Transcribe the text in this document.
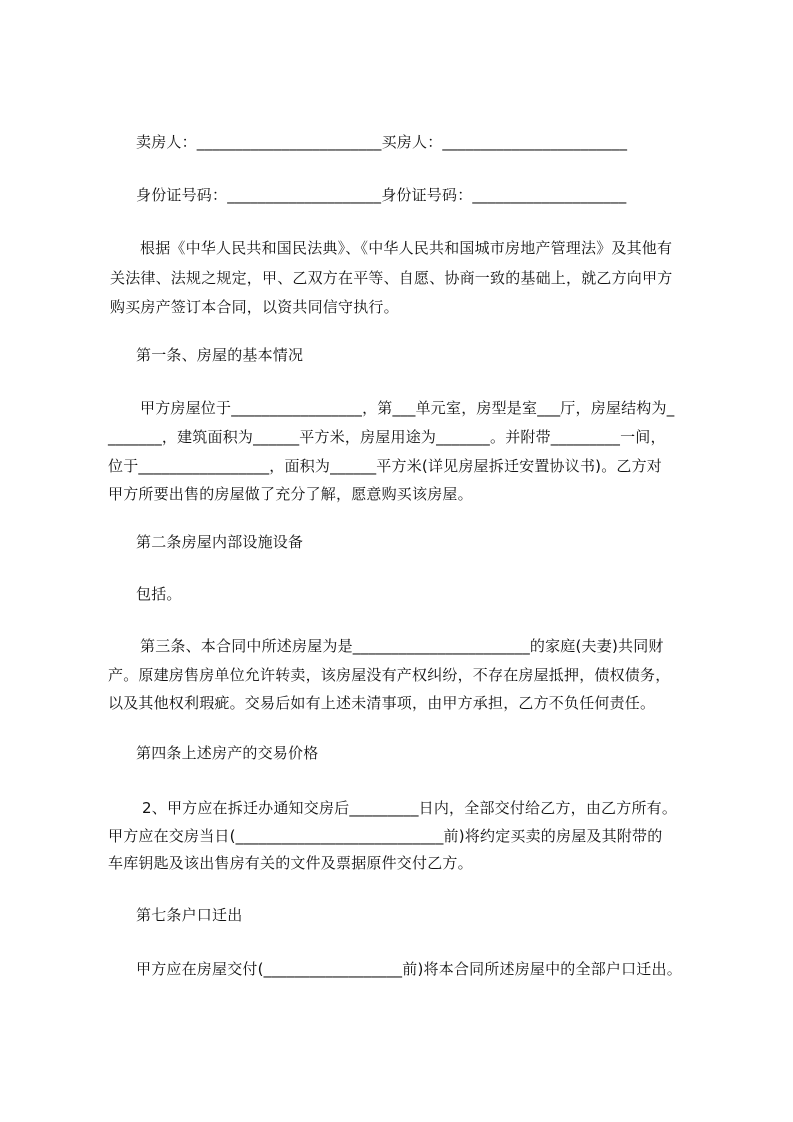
卖房人：________________________买房人：________________________
身份证号码：____________________身份证号码：____________________
根据《中华人民共和国民法典》、《中华人民共和国城市房地产管理法》及其他有
关法律、法规之规定，甲、乙双方在平等、自愿、协商一致的基础上，就乙方向甲方
购买房产签订本合同，以资共同信守执行。
第一条、房屋的基本情况
甲方房屋位于_________________，第___单元室，房型是室___厅，房屋结构为_
_______，建筑面积为______平方米，房屋用途为_______。并附带_________一间，
位于_________________，面积为______平方米(详见房屋拆迁安置协议书)。乙方对
甲方所要出售的房屋做了充分了解，愿意购买该房屋。
第二条房屋内部设施设备
包括。
第三条、本合同中所述房屋为是_______________________的家庭(夫妻)共同财
产。原建房售房单位允许转卖，该房屋没有产权纠纷，不存在房屋抵押，债权债务，
以及其他权利瑕疵。交易后如有上述未清事项，由甲方承担，乙方不负任何责任。
第四条上述房产的交易价格
2、甲方应在拆迁办通知交房后_________日内，全部交付给乙方，由乙方所有。
甲方应在交房当日(___________________________前)将约定买卖的房屋及其附带的
车库钥匙及该出售房有关的文件及票据原件交付乙方。
第七条户口迁出
甲方应在房屋交付(__________________前)将本合同所述房屋中的全部户口迁出。
